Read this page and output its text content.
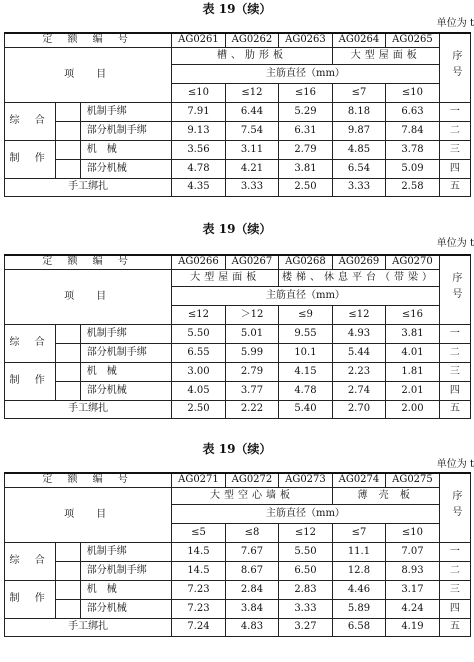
表 19（续）
单位为 t
定 额 编 号			AG0261	AG0262	AG0263	AG0264	AG0265	序号
项　目			槽、肋形板			大型屋面板		
			主筋直径（mm）					
			≤10	≤12	≤16	≤7	≤10	
综 合		机制手绑	7.91	6.44	5.29	8.18	6.63	一
		部分机制手绑	9.13	7.54	6.31	9.87	7.84	二
制 作		机　械	3.56	3.11	2.79	4.85	3.78	三
		部分机械	4.78	4.21	3.81	6.54	5.09	四
手工绑扎			4.35	3.33	2.50	3.33	2.58	五
表 19（续）
单位为 t
定 额 编 号			AG0266	AG0267	AG0268	AG0269	AG0270	序号
项　目			大型屋面板		楼梯、休息平台（带梁）			
			主筋直径（mm）					
			≤12	＞12	≤9	≤12	≤16	
综 合		机制手绑	5.50	5.01	9.55	4.93	3.81	一
		部分机制手绑	6.55	5.99	10.1	5.44	4.01	二
制 作		机　械	3.00	2.79	4.15	2.23	1.81	三
		部分机械	4.05	3.77	4.78	2.74	2.01	四
手工绑扎			2.50	2.22	5.40	2.70	2.00	五
表 19（续）
单位为 t
定 额 编 号			AG0271	AG0272	AG0273	AG0274	AG0275	序号
项　目			大型空心墙板			薄 壳 板		
			主筋直径（mm）					
			≤5	≤8	≤12	≤7	≤10	
综 合		机制手绑	14.5	7.67	5.50	11.1	7.07	一
		部分机制手绑	14.5	8.67	6.50	12.8	8.93	二
制 作		机　械	7.23	2.84	2.83	4.46	3.17	三
		部分机械	7.23	3.84	3.33	5.89	4.24	四
手工绑扎			7.24	4.83	3.27	6.58	4.19	五
